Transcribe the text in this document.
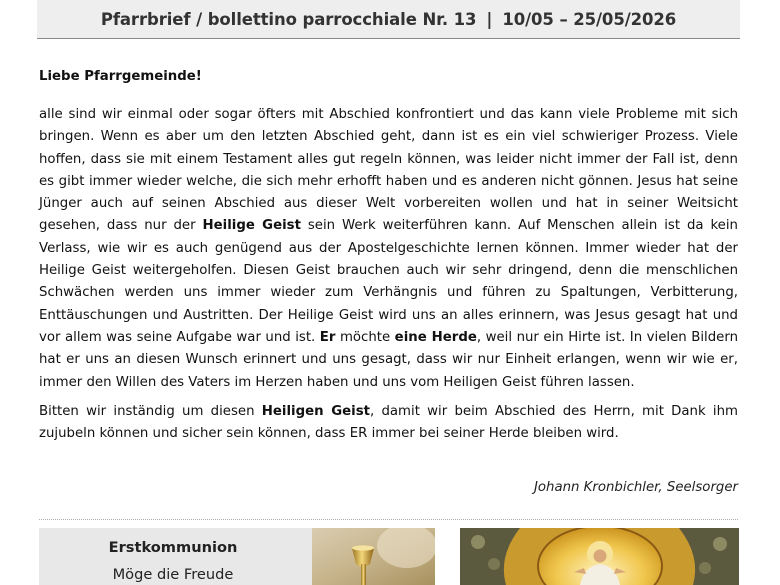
Pfarrbrief / bollettino parrocchiale Nr. 13 | 10/05 – 25/05/2026
Liebe Pfarrgemeinde!

alle sind wir einmal oder sogar öfters mit Abschied konfrontiert und das kann viele Probleme mit sich bringen. Wenn es aber um den letzten Abschied geht, dann ist es ein viel schwieriger Prozess. Viele hoffen, dass sie mit einem Testament alles gut regeln können, was leider nicht immer der Fall ist, denn es gibt immer wieder welche, die sich mehr erhofft haben und es anderen nicht gönnen. Jesus hat seine Jünger auch auf seinen Abschied aus dieser Welt vorbereiten wollen und hat in seiner Weitsicht gesehen, dass nur der Heilige Geist sein Werk weiterführen kann. Auf Menschen allein ist da kein Verlass, wie wir es auch genügend aus der Apostelgeschichte lernen können. Immer wieder hat der Heilige Geist weitergeholfen. Diesen Geist brauchen auch wir sehr dringend, denn die menschlichen Schwächen werden uns immer wieder zum Verhängnis und führen zu Spaltungen, Verbitterung, Enttäuschungen und Austritten. Der Heilige Geist wird uns an alles erinnern, was Jesus gesagt hat und vor allem was seine Aufgabe war und ist. Er möchte eine Herde, weil nur ein Hirte ist. In vielen Bildern hat er uns an diesen Wunsch erinnert und uns gesagt, dass wir nur Einheit erlangen, wenn wir wie er, immer den Willen des Vaters im Herzen haben und uns vom Heiligen Geist führen lassen.

Bitten wir inständig um diesen Heiligen Geist, damit wir beim Abschied des Herrn, mit Dank ihm zujubeln können und sicher sein können, dass ER immer bei seiner Herde bleiben wird.

Johann Kronbichler, Seelsorger
Erstkommunion
Möge die Freude
